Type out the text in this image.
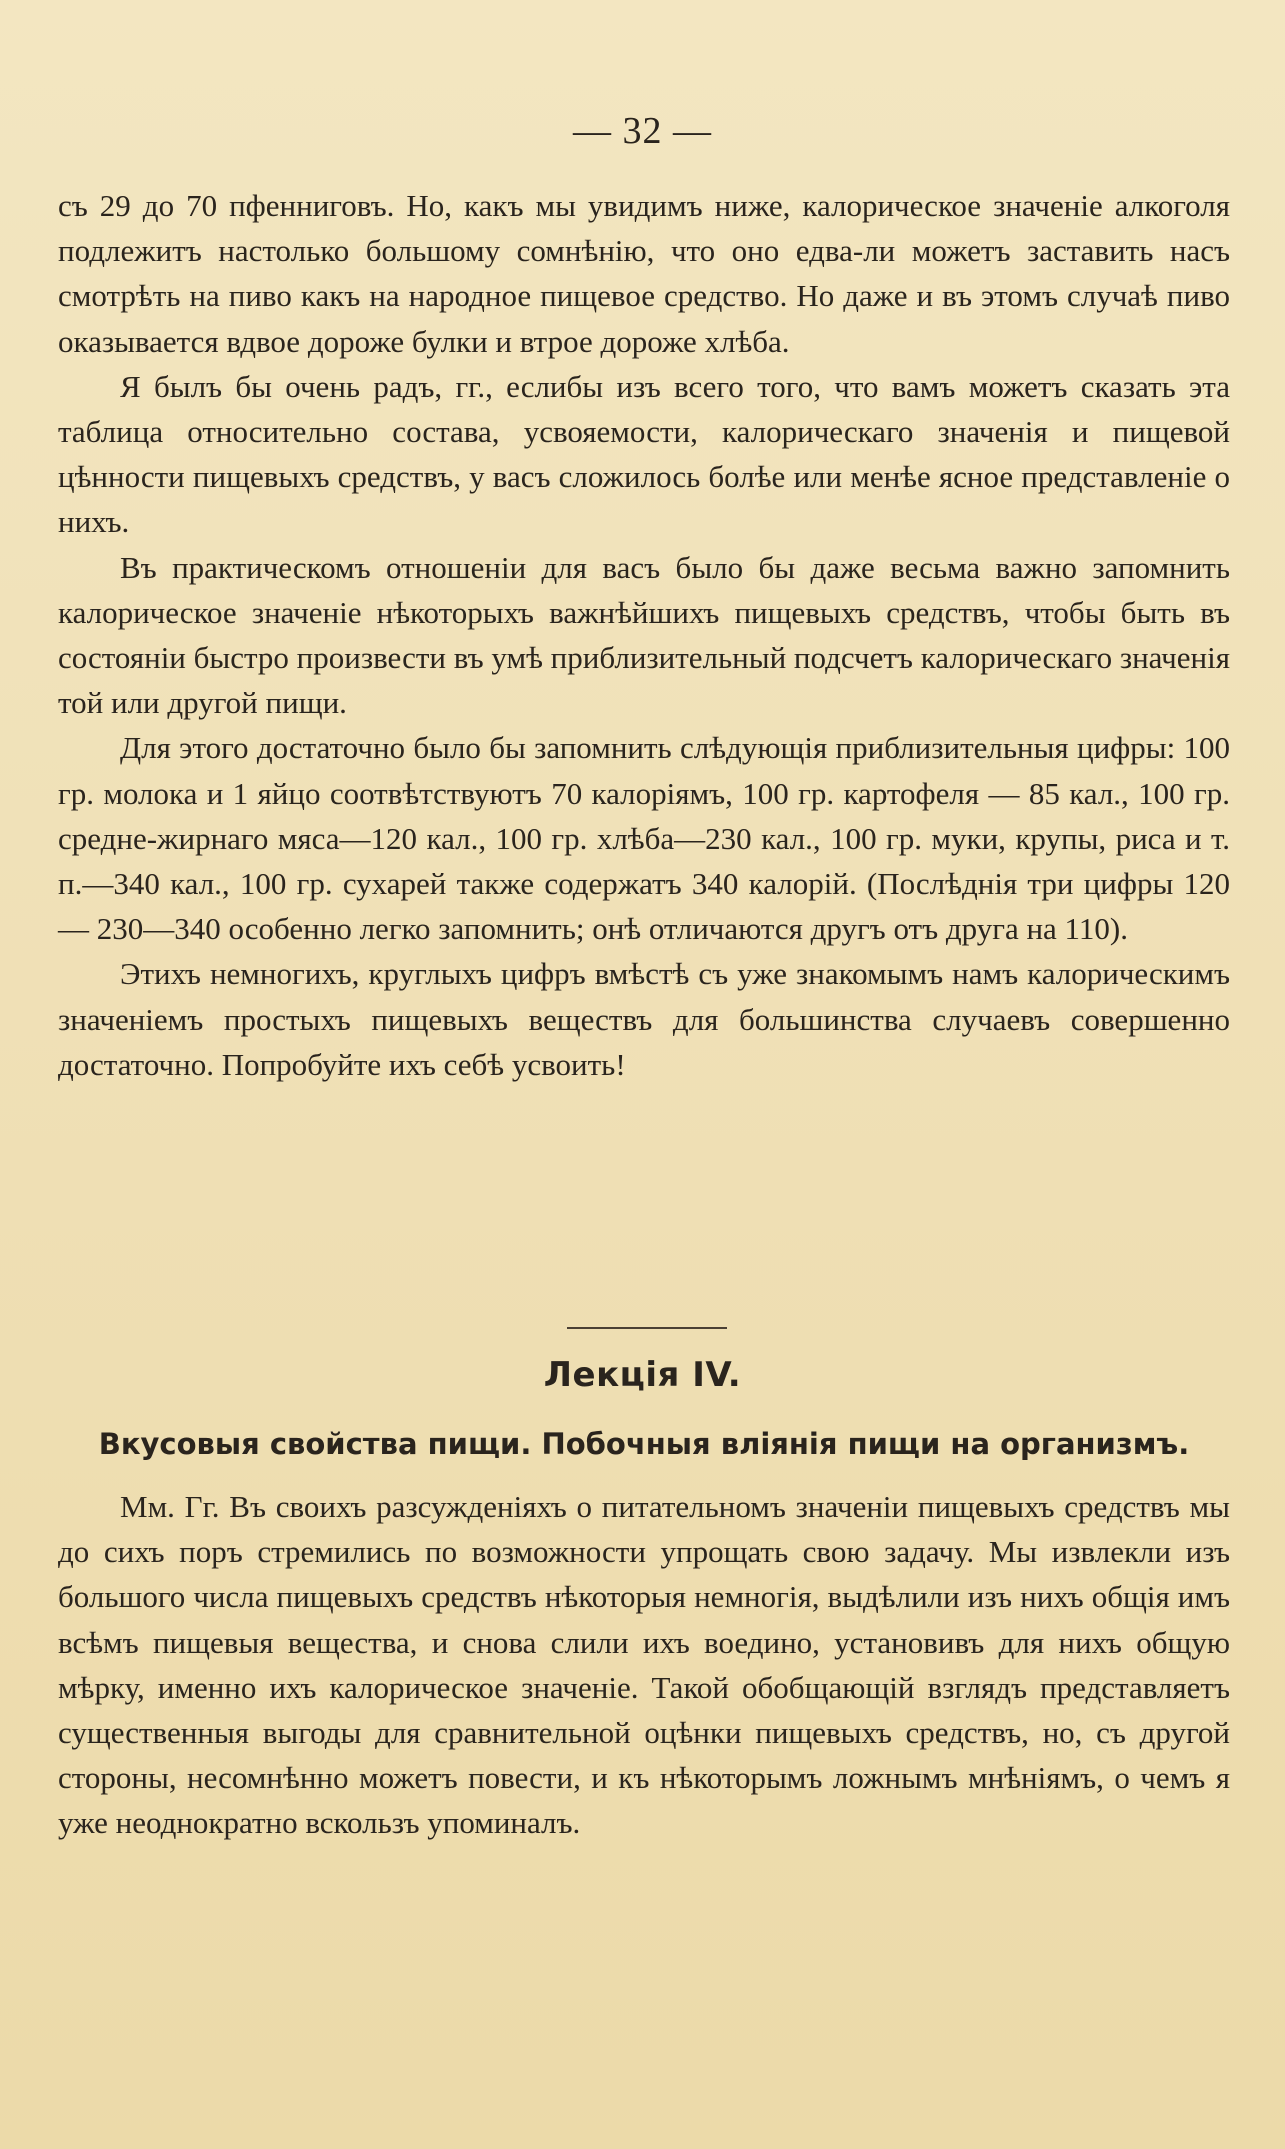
— 32 —

съ 29 до 70 пфенниговъ. Но, какъ мы увидимъ ниже, калорическое значеніе алкоголя подлежитъ настолько большому сомнѣнію, что оно едва-ли можетъ заставить насъ смотрѣть на пиво какъ на народное пищевое средство. Но даже и въ этомъ случаѣ пиво оказывается вдвое дороже булки и втрое дороже хлѣба.

Я былъ бы очень радъ, гг., еслибы изъ всего того, что вамъ можетъ сказать эта таблица относительно состава, усвояемости, калорическаго значенія и пищевой цѣнности пищевыхъ средствъ, у васъ сложилось болѣе или менѣе ясное представленіе о нихъ.

Въ практическомъ отношеніи для васъ было бы даже весьма важно запомнить калорическое значеніе нѣкоторыхъ важнѣйшихъ пищевыхъ средствъ, чтобы быть въ состояніи быстро произвести въ умѣ приблизительный подсчетъ калорическаго значенія той или другой пищи.

Для этого достаточно было бы запомнить слѣдующія приблизительныя цифры: 100 гр. молока и 1 яйцо соотвѣтствуютъ 70 калоріямъ, 100 гр. картофеля — 85 кал., 100 гр. средне-жирнаго мяса—120 кал., 100 гр. хлѣба—230 кал., 100 гр. муки, крупы, риса и т. п.—340 кал., 100 гр. сухарей также содержатъ 340 калорій. (Послѣднія три цифры 120 — 230—340 особенно легко запомнить; онѣ отличаются другъ отъ друга на 110).

Этихъ немногихъ, круглыхъ цифръ вмѣстѣ съ уже знакомымъ намъ калорическимъ значеніемъ простыхъ пищевыхъ веществъ для большинства случаевъ совершенно достаточно. Попробуйте ихъ себѣ усвоить!

Лекція IV.
Вкусовыя свойства пищи. Побочныя вліянія пищи на организмъ.

Мм. Гг. Въ своихъ разсужденіяхъ о питательномъ значеніи пищевыхъ средствъ мы до сихъ поръ стремились по возможности упрощать свою задачу. Мы извлекли изъ большого числа пищевыхъ средствъ нѣкоторыя немногія, выдѣлили изъ нихъ общія имъ всѣмъ пищевыя вещества, и снова слили ихъ воедино, установивъ для нихъ общую мѣрку, именно ихъ калорическое значеніе. Такой обобщающій взглядъ представляетъ существенныя выгоды для сравнительной оцѣнки пищевыхъ средствъ, но, съ другой стороны, несомнѣнно можетъ повести, и къ нѣкоторымъ ложнымъ мнѣніямъ, о чемъ я уже неоднократно вскользъ упоминалъ.
